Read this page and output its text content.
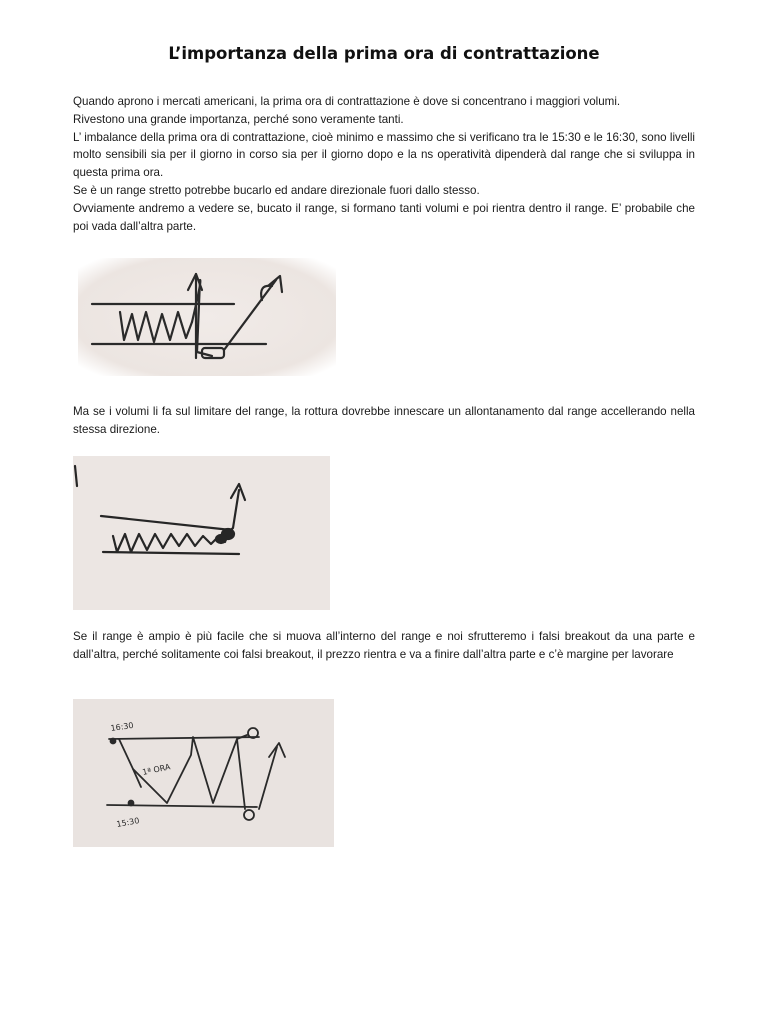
L’importanza della prima ora di contrattazione
Quando aprono i mercati americani, la prima ora di contrattazione è dove si concentrano i maggiori volumi.
Rivestono una grande importanza, perché sono veramente tanti.
L’ imbalance della prima ora di contrattazione, cioè minimo e massimo che si verificano tra le 15:30 e le 16:30, sono livelli molto sensibili sia per il giorno in corso sia per il giorno dopo e la ns operatività dipenderà dal range che si sviluppa in questa prima ora.
Se è un range stretto potrebbe bucarlo ed andare direzionale fuori dallo stesso.
Ovviamente andremo a vedere se, bucato il range, si formano tanti volumi e poi rientra dentro il range. E’ probabile che poi vada dall’altra parte.
Ma se i volumi li fa sul limitare del range, la rottura dovrebbe innescare un allontanamento dal range accellerando nella stessa direzione.
Se il range è ampio è più facile che si muova all’interno del range e noi sfrutteremo i falsi breakout da una parte e dall’altra, perché solitamente coi falsi breakout, il prezzo rientra e va a finire dall’altra parte e c’è margine per lavorare
16:30
1ª ORA
15:30
